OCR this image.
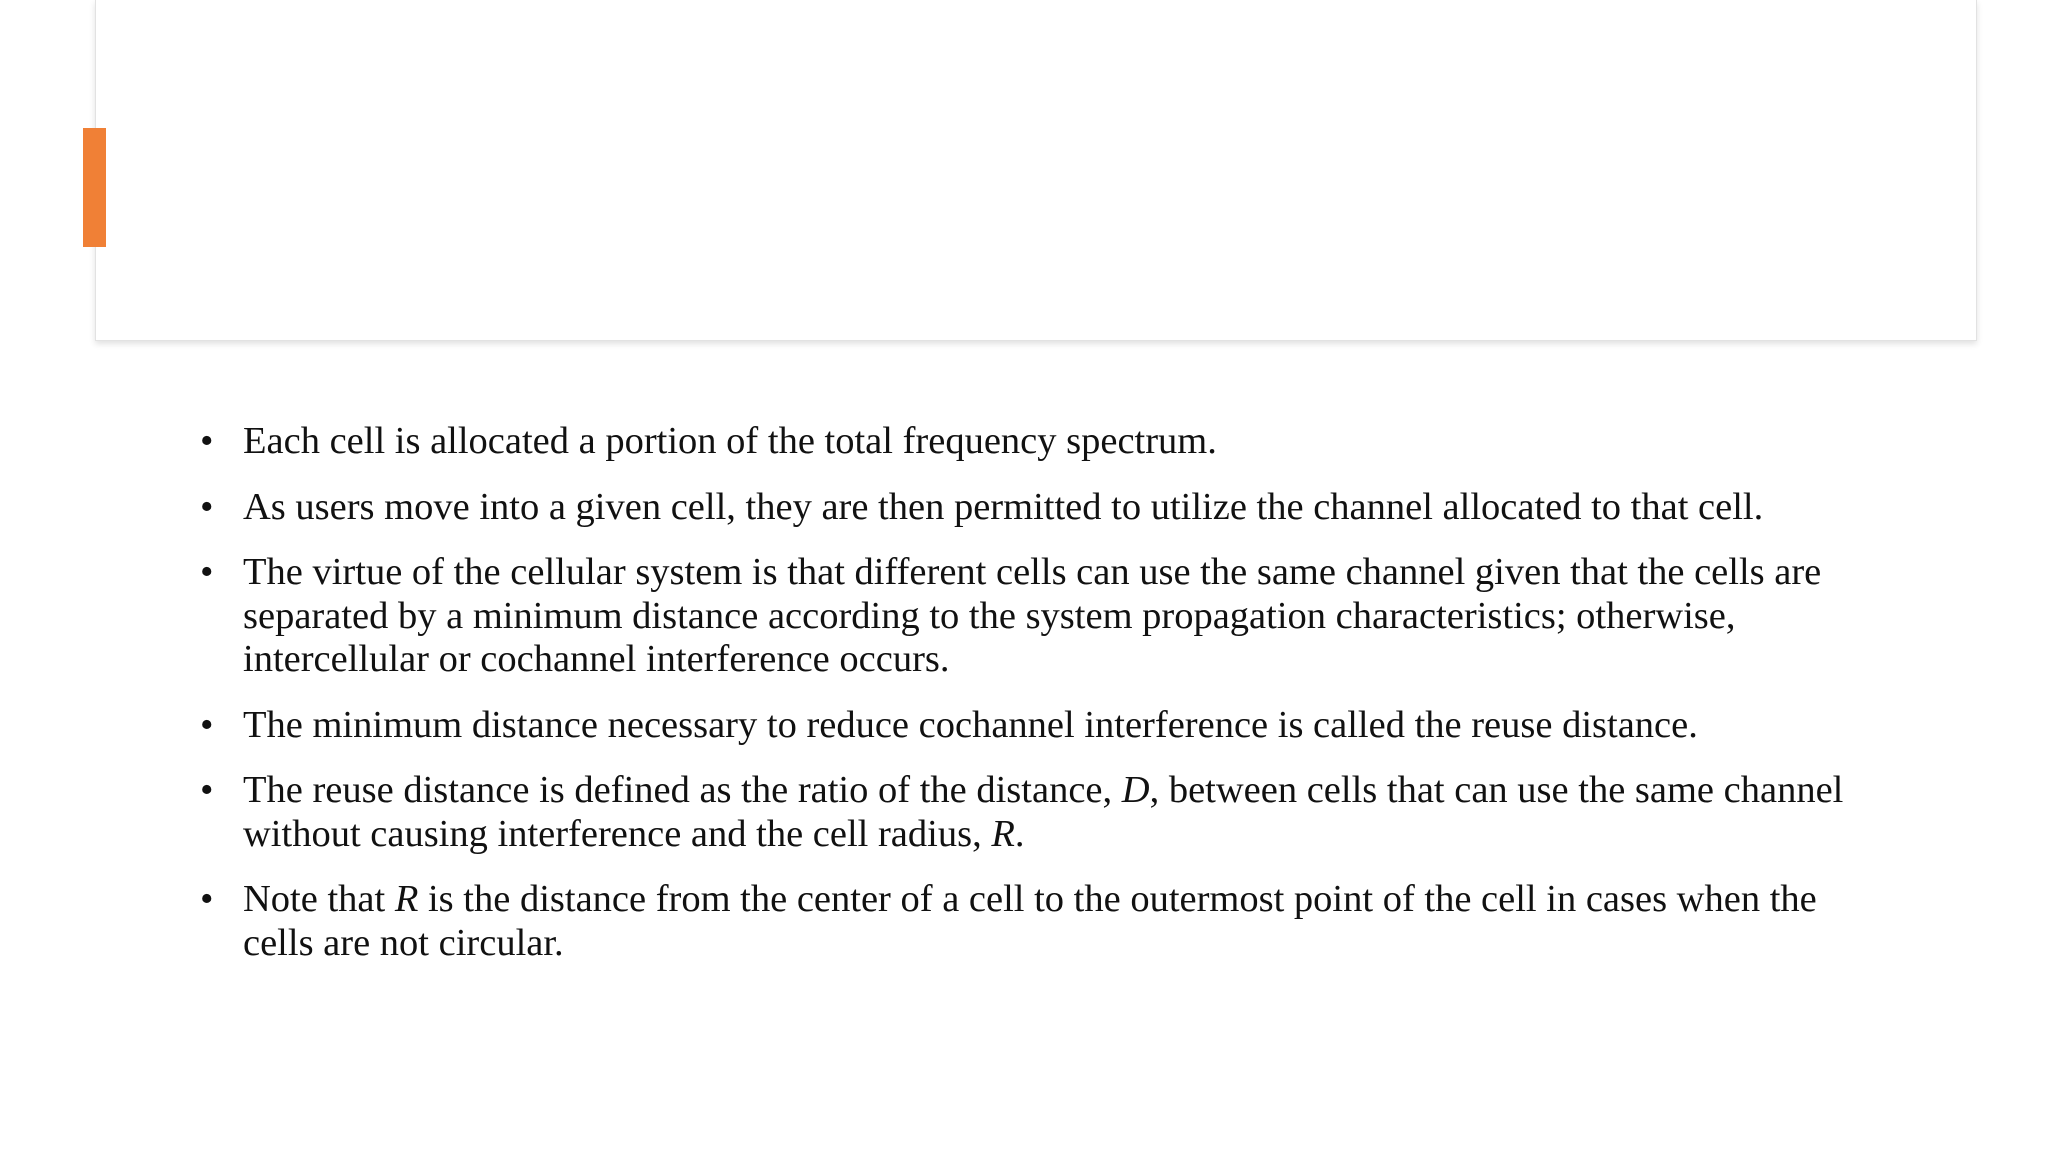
• Each cell is allocated a portion of the total frequency spectrum.
• As users move into a given cell, they are then permitted to utilize the channel allocated to that cell.
• The virtue of the cellular system is that different cells can use the same channel given that the cells are separated by a minimum distance according to the system propagation characteristics; otherwise, intercellular or cochannel interference occurs.
• The minimum distance necessary to reduce cochannel interference is called the reuse distance.
• The reuse distance is defined as the ratio of the distance, D, between cells that can use the same channel without causing interference and the cell radius, R.
• Note that R is the distance from the center of a cell to the outermost point of the cell in cases when the cells are not circular.
